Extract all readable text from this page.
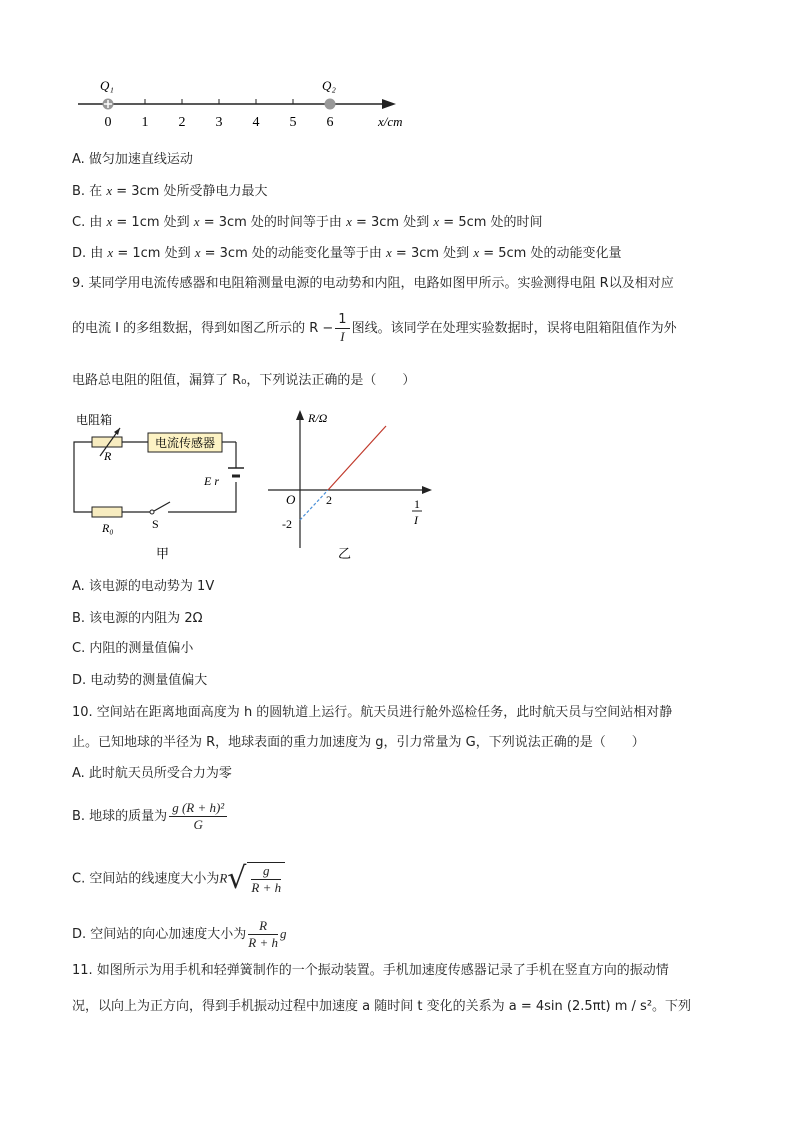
Q₁	Q₂
0 1 2 3 4 5 6	x/cm
A. 做匀加速直线运动
B. 在 x = 3cm 处所受静电力最大
C. 由 x = 1cm 处到 x = 3cm 处的时间等于由 x = 3cm 处到 x = 5cm 处的时间
D. 由 x = 1cm 处到 x = 3cm 处的动能变化量等于由 x = 3cm 处到 x = 5cm 处的动能变化量
9. 某同学用电流传感器和电阻箱测量电源的电动势和内阻，电路如图甲所示。实验测得电阻 R以及相对应
的电流 I 的多组数据，得到如图乙所示的 $R - \frac{1}{I}$ 图线。该同学在处理实验数据时，误将电阻箱阻值作为外
电路总电阻的阻值，漏算了 R₀，下列说法正确的是（　　）
电阻箱
R
电流传感器
E r
R₀	S
甲
R/Ω
O	2
-2
1
I
乙
A. 该电源的电动势为 1V
B. 该电源的内阻为 2Ω
C. 内阻的测量值偏小
D. 电动势的测量值偏大
10. 空间站在距离地面高度为 h 的圆轨道上运行。航天员进行舱外巡检任务，此时航天员与空间站相对静
止。已知地球的半径为 R，地球表面的重力加速度为 g，引力常量为 G，下列说法正确的是（　　）
A. 此时航天员所受合力为零
B. 地球的质量为 $\frac{\text{g (R + h)²}}{G}$
C. 空间站的线速度大小为$R√ \frac{g}{R + h}$
D. 空间站的向心加速度大小为 $\frac{R}{R + h}$ g
11. 如图所示为用手机和轻弹簧制作的一个振动装置。手机加速度传感器记录了手机在竖直方向的振动情
况，以向上为正方向，得到手机振动过程中加速度 a 随时间 t 变化的关系为 a = 4sin (2.5πt) m / s²。下列
